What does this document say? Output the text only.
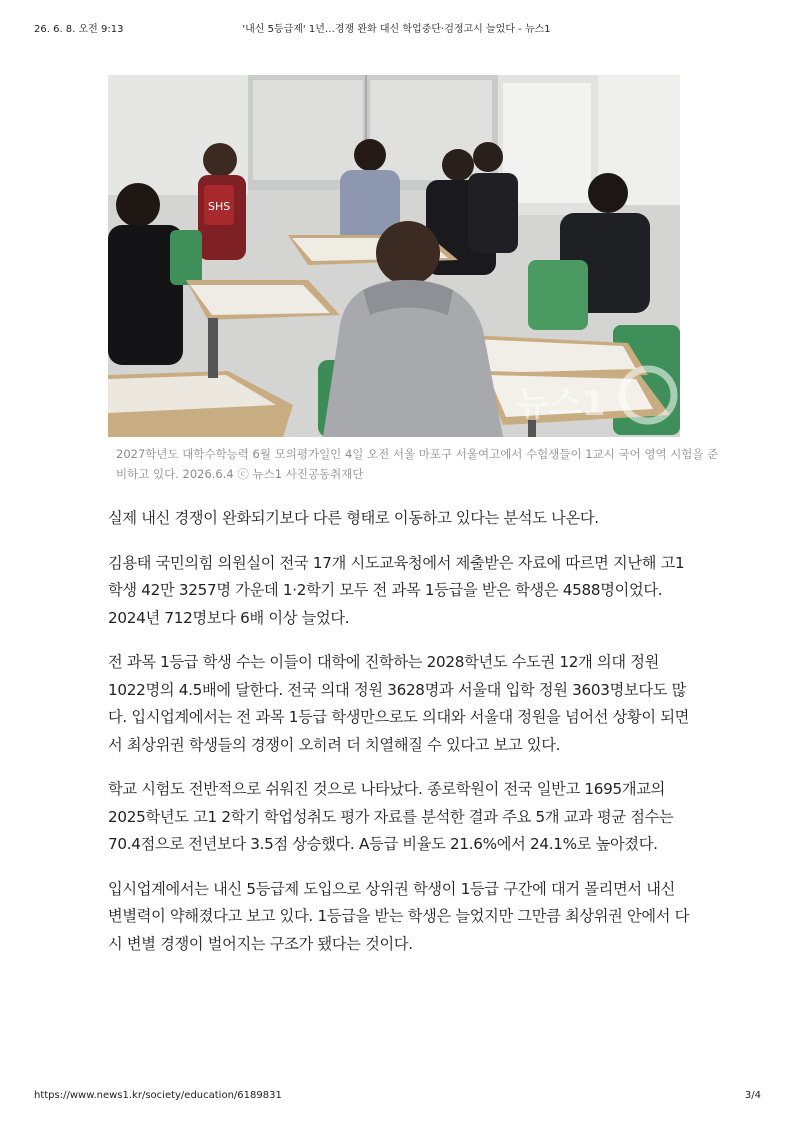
26. 6. 8. 오전 9:13	'내신 5등급제' 1년…경쟁 완화 대신 학업중단·검정고시 늘었다 - 뉴스1
SHS
뉴스1

2027학년도 대학수학능력 6월 모의평가일인 4일 오전 서울 마포구 서울여고에서 수험생들이 1교시 국어 영역 시험을 준비하고 있다. 2026.6.4 ⓒ 뉴스1 사진공동취재단

실제 내신 경쟁이 완화되기보다 다른 형태로 이동하고 있다는 분석도 나온다.

김용태 국민의힘 의원실이 전국 17개 시도교육청에서 제출받은 자료에 따르면 지난해 고1 학생 42만 3257명 가운데 1·2학기 모두 전 과목 1등급을 받은 학생은 4588명이었다. 2024년 712명보다 6배 이상 늘었다.

전 과목 1등급 학생 수는 이들이 대학에 진학하는 2028학년도 수도권 12개 의대 정원 1022명의 4.5배에 달한다. 전국 의대 정원 3628명과 서울대 입학 정원 3603명보다도 많다. 입시업계에서는 전 과목 1등급 학생만으로도 의대와 서울대 정원을 넘어선 상황이 되면서 최상위권 학생들의 경쟁이 오히려 더 치열해질 수 있다고 보고 있다.

학교 시험도 전반적으로 쉬워진 것으로 나타났다. 종로학원이 전국 일반고 1695개교의 2025학년도 고1 2학기 학업성취도 평가 자료를 분석한 결과 주요 5개 교과 평균 점수는 70.4점으로 전년보다 3.5점 상승했다. A등급 비율도 21.6%에서 24.1%로 높아졌다.

입시업계에서는 내신 5등급제 도입으로 상위권 학생이 1등급 구간에 대거 몰리면서 내신 변별력이 약해졌다고 보고 있다. 1등급을 받는 학생은 늘었지만 그만큼 최상위권 안에서 다시 변별 경쟁이 벌어지는 구조가 됐다는 것이다.

https://www.news1.kr/society/education/6189831	3/4
